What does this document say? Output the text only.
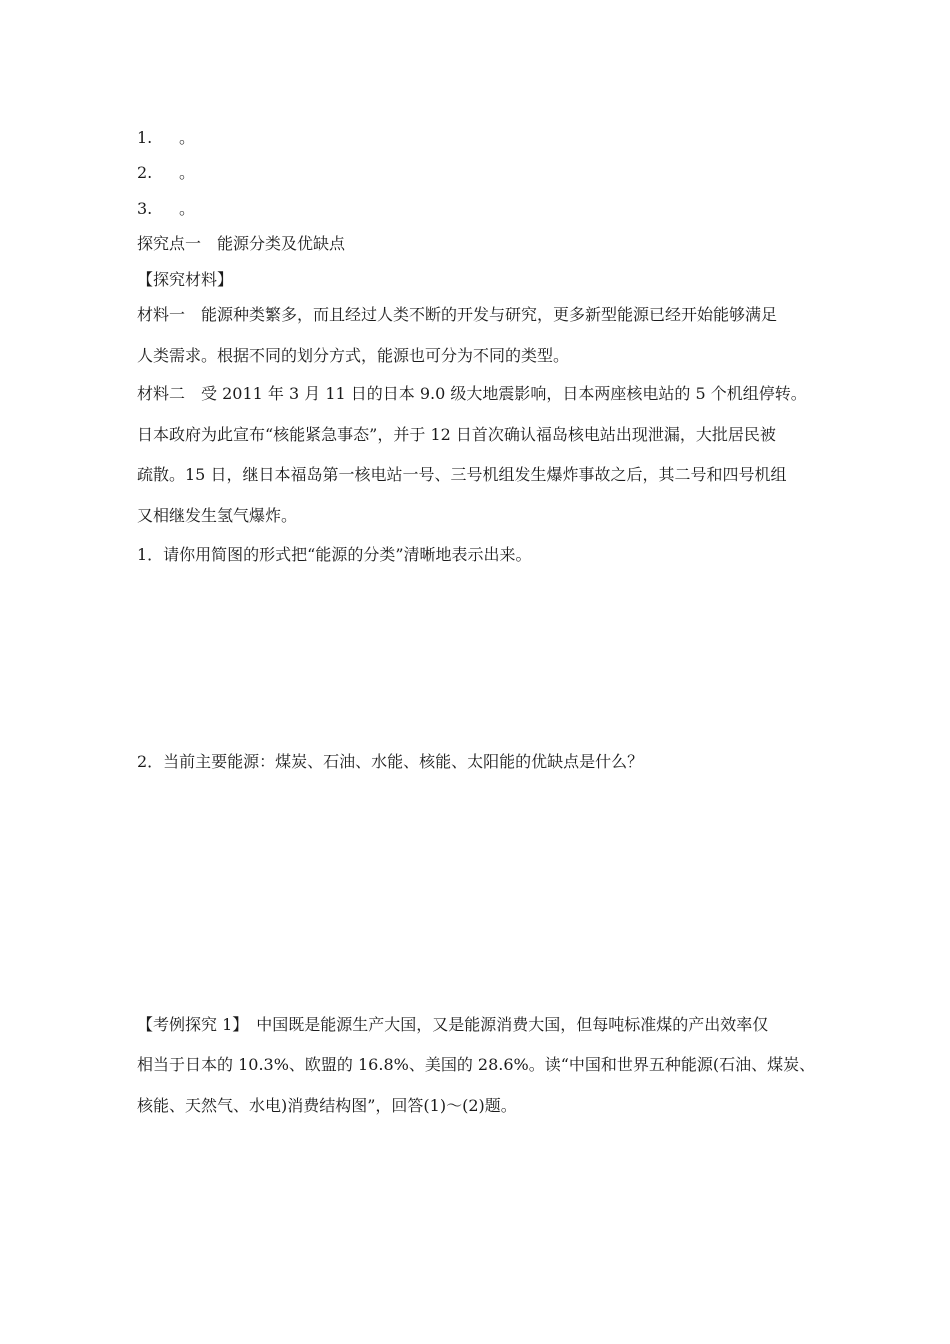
1. 。
2. 。
3. 。
探究点一　能源分类及优缺点
【探究材料】
材料一　能源种类繁多，而且经过人类不断的开发与研究，更多新型能源已经开始能够满足
人类需求。根据不同的划分方式，能源也可分为不同的类型。
材料二　受 2011 年 3 月 11 日的日本 9.0 级大地震影响，日本两座核电站的 5 个机组停转。
日本政府为此宣布“核能紧急事态”，并于 12 日首次确认福岛核电站出现泄漏，大批居民被
疏散。15 日，继日本福岛第一核电站一号、三号机组发生爆炸事故之后，其二号和四号机组
又相继发生氢气爆炸。
1．请你用简图的形式把“能源的分类”清晰地表示出来。
2．当前主要能源：煤炭、石油、水能、核能、太阳能的优缺点是什么？
【考例探究 1】　中国既是能源生产大国，又是能源消费大国，但每吨标准煤的产出效率仅
相当于日本的 10.3%、欧盟的 16.8%、美国的 28.6%。读“中国和世界五种能源(石油、煤炭、
核能、天然气、水电)消费结构图”，回答(1)～(2)题。
